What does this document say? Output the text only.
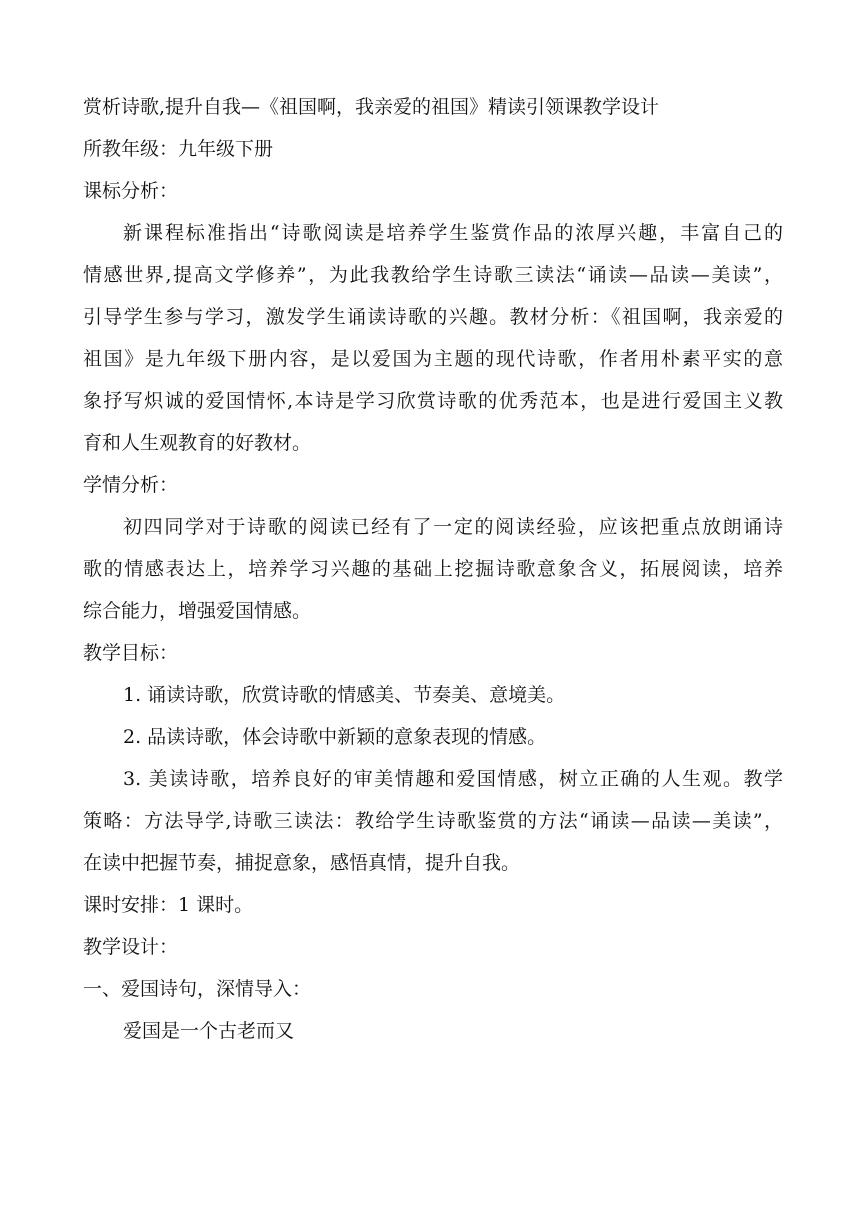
赏析诗歌,提升自我—《祖国啊，我亲爱的祖国》精读引领课教学设计
所教年级：九年级下册
课标分析：
新课程标准指出“诗歌阅读是培养学生鉴赏作品的浓厚兴趣，丰富自己的
情感世界,提高文学修养”，为此我教给学生诗歌三读法“诵读—品读—美读”，
引导学生参与学习，激发学生诵读诗歌的兴趣。教材分析：《祖国啊，我亲爱的
祖国》是九年级下册内容，是以爱国为主题的现代诗歌，作者用朴素平实的意
象抒写炽诚的爱国情怀,本诗是学习欣赏诗歌的优秀范本，也是进行爱国主义教
育和人生观教育的好教材。
学情分析：
初四同学对于诗歌的阅读已经有了一定的阅读经验，应该把重点放朗诵诗
歌的情感表达上，培养学习兴趣的基础上挖掘诗歌意象含义，拓展阅读，培养
综合能力，增强爱国情感。
教学目标：
1. 诵读诗歌，欣赏诗歌的情感美、节奏美、意境美。
2. 品读诗歌，体会诗歌中新颖的意象表现的情感。
3. 美读诗歌，培养良好的审美情趣和爱国情感，树立正确的人生观。教学
策略：方法导学,诗歌三读法：教给学生诗歌鉴赏的方法“诵读—品读—美读”，
在读中把握节奏，捕捉意象，感悟真情，提升自我。
课时安排：1 课时。
教学设计：
一、爱国诗句，深情导入：
爱国是一个古老而又
